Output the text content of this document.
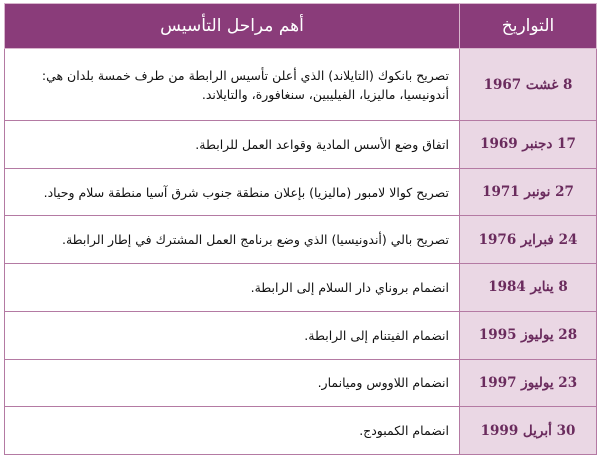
التواريخ	أهم مراحل التأسيس
8 غشت 1967	تصريح بانكوك (التايلاند) الذي أعلن تأسيس الرابطة من طرف خمسة بلدان هي: أندونيسيا، ماليزيا، الفيليبين، سنغافورة، والتايلاند.
17 دجنبر 1969	اتفاق وضع الأسس المادية وقواعد العمل للرابطة.
27 نونبر 1971	تصريح كوالا لامبور (ماليزيا) بإعلان منطقة جنوب شرق آسيا منطقة سلام وحياد.
24 فبراير 1976	تصريح بالي (أندونيسيا) الذي وضع برنامج العمل المشترك في إطار الرابطة.
8 يناير 1984	انضمام بروناي دار السلام إلى الرابطة.
28 يوليوز 1995	انضمام الفيتنام إلى الرابطة.
23 يوليوز 1997	انضمام اللاووس وميانمار.
30 أبريل 1999	انضمام الكمبودج.
